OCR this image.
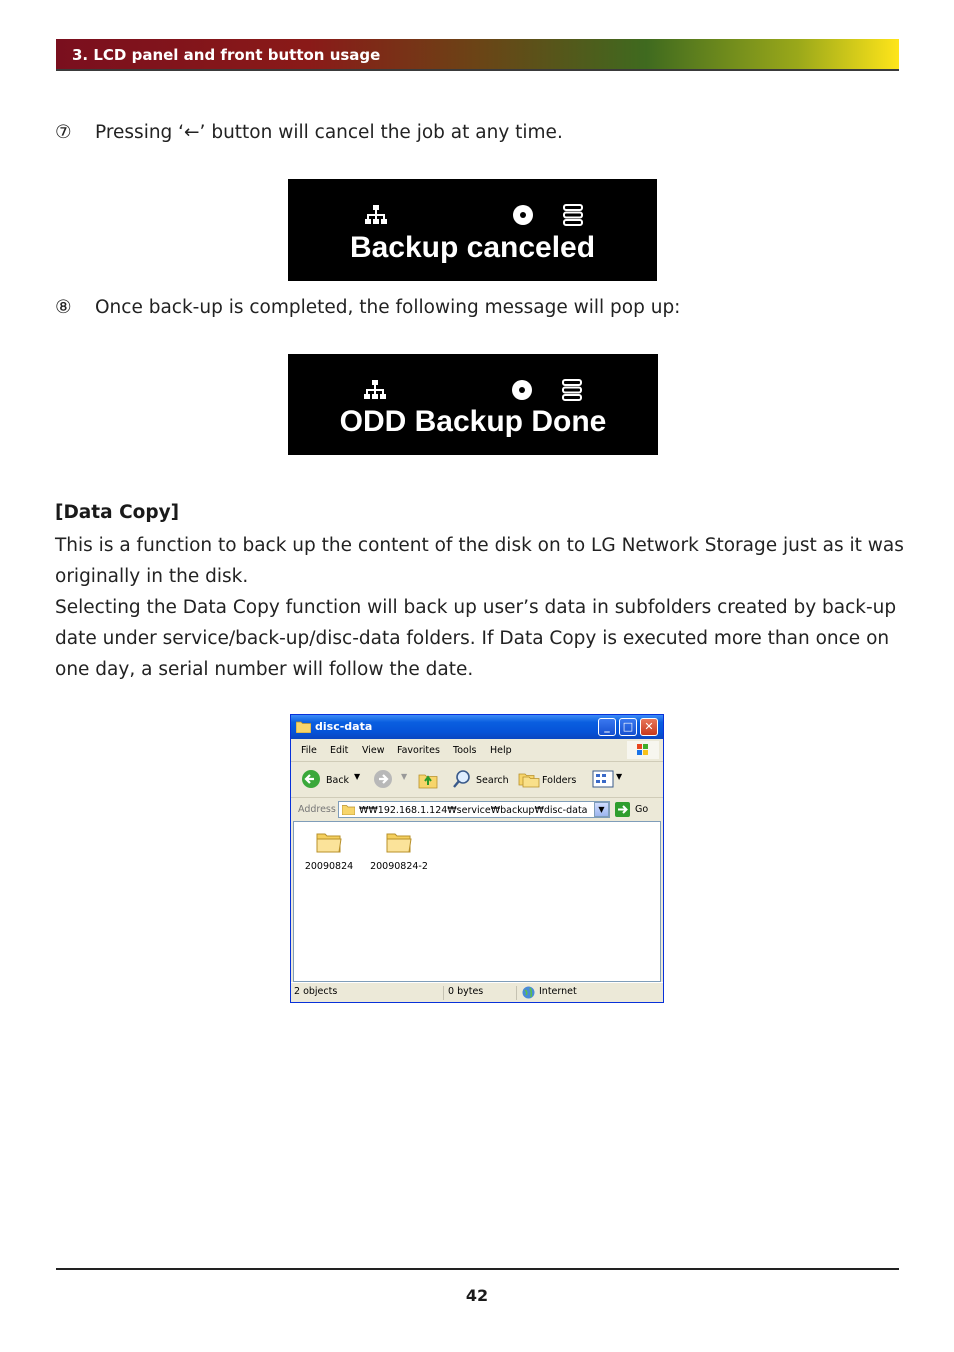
3. LCD panel and front button usage
⑦ Pressing ‘←’ button will cancel the job at any time.
Backup canceled
⑧ Once back-up is completed, the following message will pop up:
ODD Backup Done
[Data Copy]
This is a function to back up the content of the disk on to LG Network Storage just as it was originally in the disk.
Selecting the Data Copy function will back up user’s data in subfolders created by back-up date under service/back-up/disc-data folders. If Data Copy is executed more than once on one day, a serial number will follow the date.
disc-data	_	□	✕
File Edit View Favorites Tools Help
Back ▼	▼	Search	Folders	▼
Address ₩₩192.168.1.124₩service₩backup₩disc-data	▼	Go
20090824	20090824-2
2 objects	0 bytes	Internet
42
